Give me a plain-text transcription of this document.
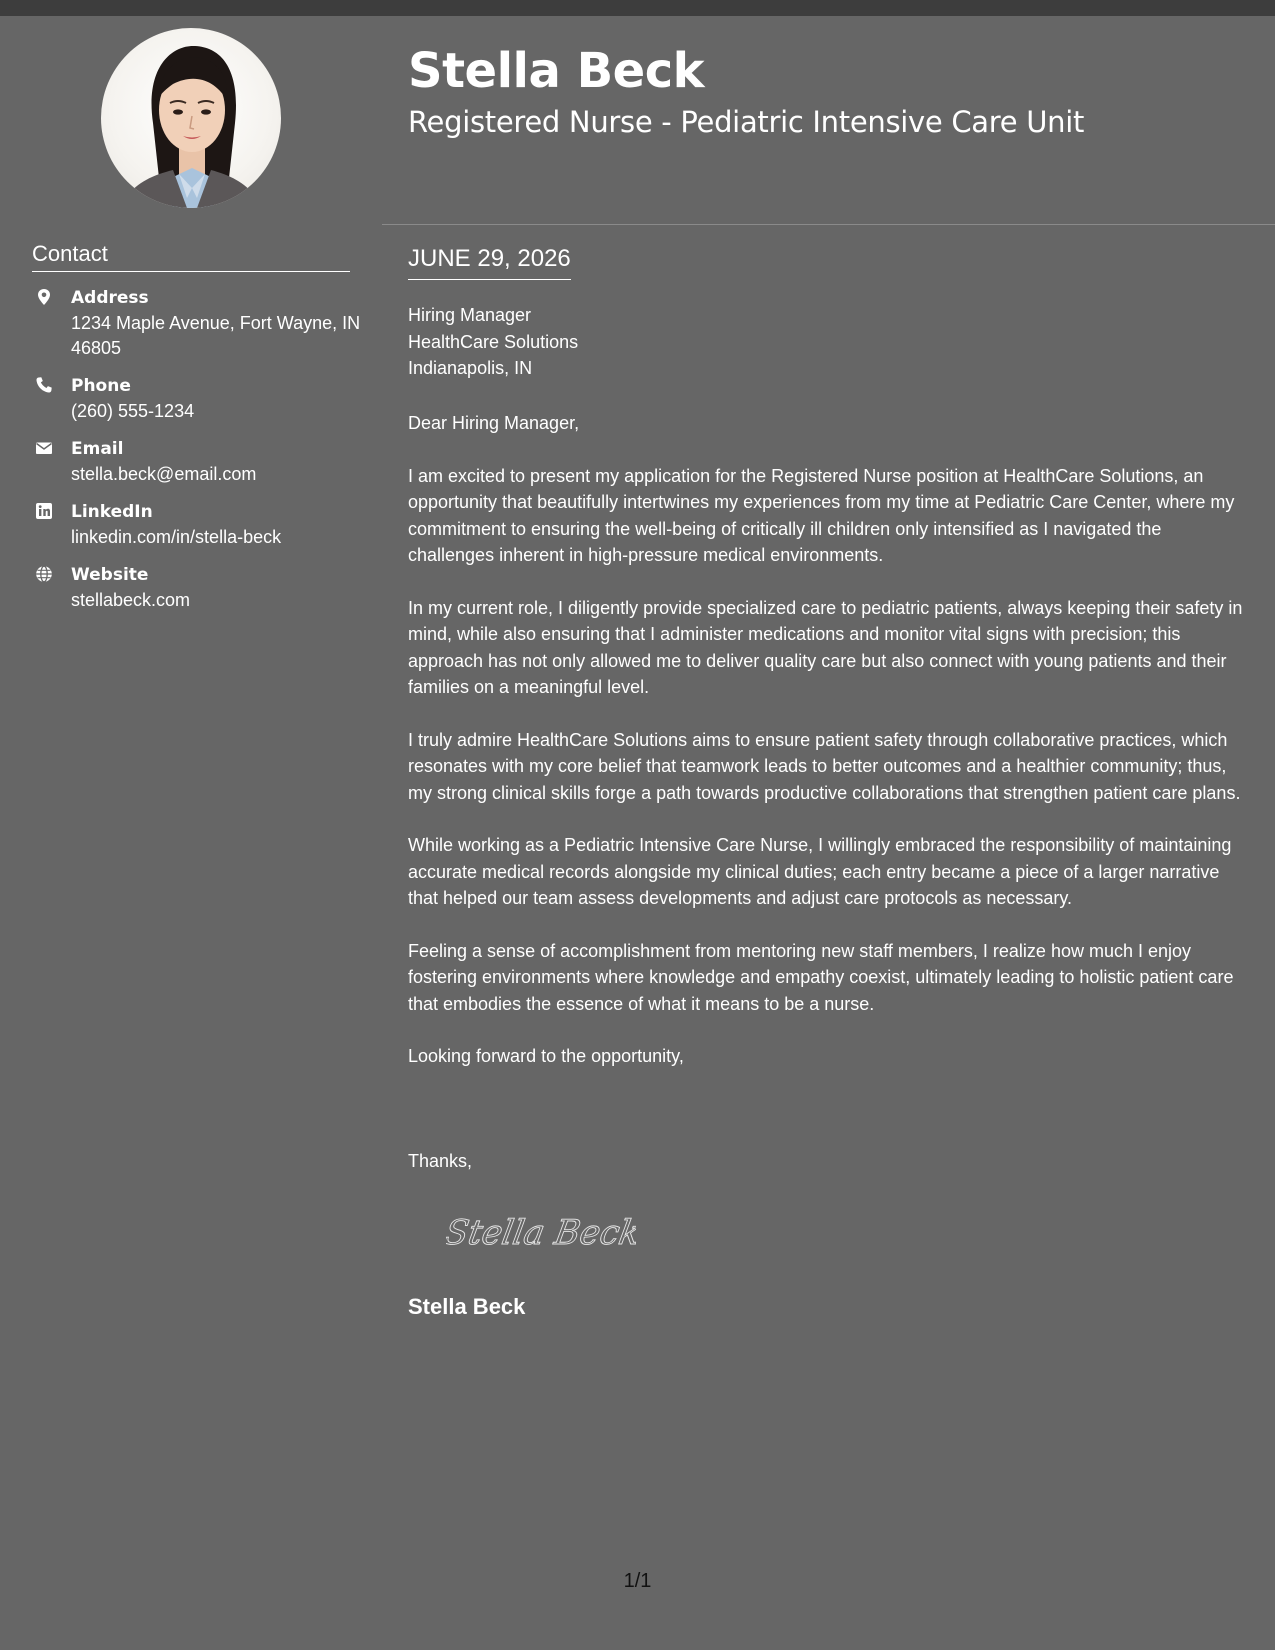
Contact
Address
1234 Maple Avenue, Fort Wayne, IN 46805
Phone
(260) 555-1234
Email
stella.beck@email.com
LinkedIn
linkedin.com/in/stella-beck
Website
stellabeck.com
Stella Beck
Registered Nurse - Pediatric Intensive Care Unit
JUNE 29, 2026
Hiring Manager
HealthCare Solutions
Indianapolis, IN

Dear Hiring Manager,

I am excited to present my application for the Registered Nurse position at HealthCare Solutions, an opportunity that beautifully intertwines my experiences from my time at Pediatric Care Center, where my commitment to ensuring the well-being of critically ill children only intensified as I navigated the challenges inherent in high-pressure medical environments.

In my current role, I diligently provide specialized care to pediatric patients, always keeping their safety in mind, while also ensuring that I administer medications and monitor vital signs with precision; this approach has not only allowed me to deliver quality care but also connect with young patients and their families on a meaningful level.

I truly admire HealthCare Solutions aims to ensure patient safety through collaborative practices, which resonates with my core belief that teamwork leads to better outcomes and a healthier community; thus, my strong clinical skills forge a path towards productive collaborations that strengthen patient care plans.

While working as a Pediatric Intensive Care Nurse, I willingly embraced the responsibility of maintaining accurate medical records alongside my clinical duties; each entry became a piece of a larger narrative that helped our team assess developments and adjust care protocols as necessary.

Feeling a sense of accomplishment from mentoring new staff members, I realize how much I enjoy fostering environments where knowledge and empathy coexist, ultimately leading to holistic patient care that embodies the essence of what it means to be a nurse.

Looking forward to the opportunity,

Thanks,
Stella Beck
Stella Beck
1/1
